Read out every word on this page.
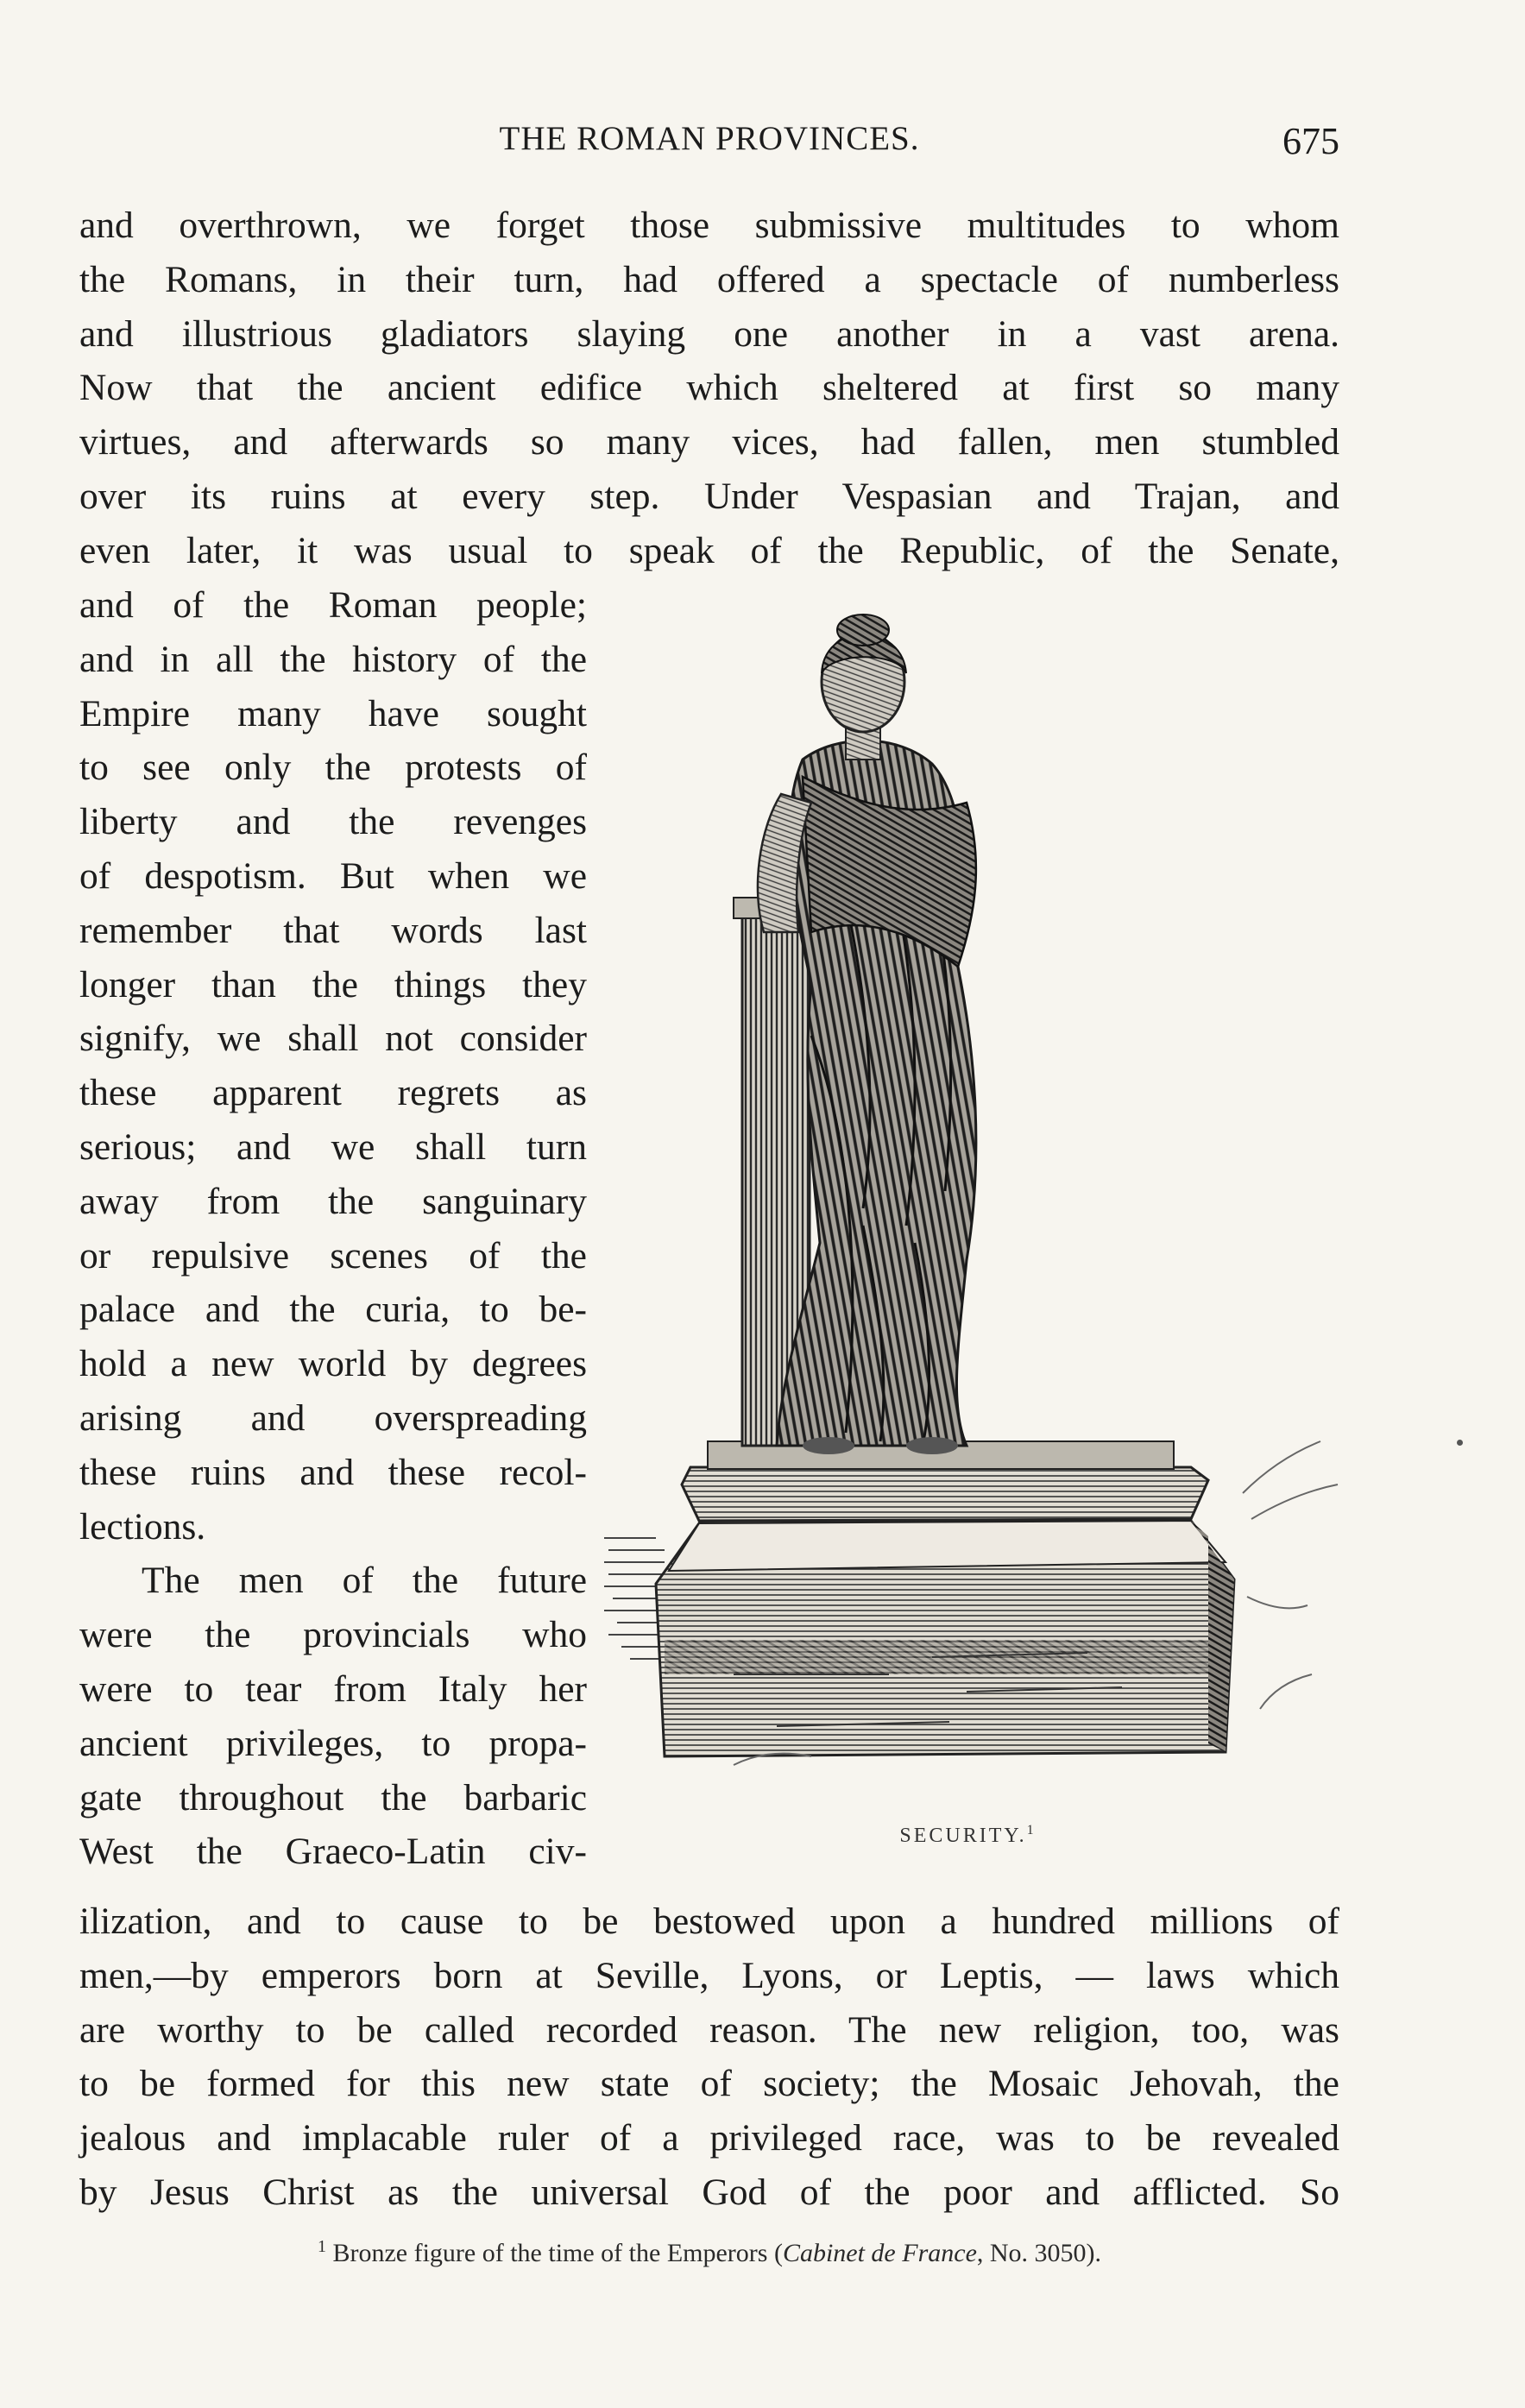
THE ROMAN PROVINCES.	675
and overthrown, we forget those submissive multitudes to whom
the Romans, in their turn, had offered a spectacle of numberless
and illustrious gladiators slaying one another in a vast arena.
Now that the ancient edifice which sheltered at first so many
virtues, and afterwards so many vices, had fallen, men stumbled
over its ruins at every step. Under Vespasian and Trajan, and
even later, it was usual to speak of the Republic, of the Senate,
and of the Roman people;
and in all the history of the
Empire many have sought
to see only the protests of
liberty and the revenges
of despotism. But when we
remember that words last
longer than the things they
signify, we shall not consider
these apparent regrets as
serious; and we shall turn
away from the sanguinary
or repulsive scenes of the
palace and the curia, to be-
hold a new world by degrees
arising and overspreading
these ruins and these recol-
lections.
The men of the future
were the provincials who
were to tear from Italy her
ancient privileges, to propa-
gate throughout the barbaric
West the Graeco-Latin civ-	SECURITY.$^1$
ilization, and to cause to be bestowed upon a hundred millions of
men,—by emperors born at Seville, Lyons, or Leptis, — laws which
are worthy to be called recorded reason. The new religion, too, was
to be formed for this new state of society; the Mosaic Jehovah, the
jealous and implacable ruler of a privileged race, was to be revealed
by Jesus Christ as the universal God of the poor and afflicted. So
$^1$ Bronze figure of the time of the Emperors (Cabinet de France, No. 3050).
